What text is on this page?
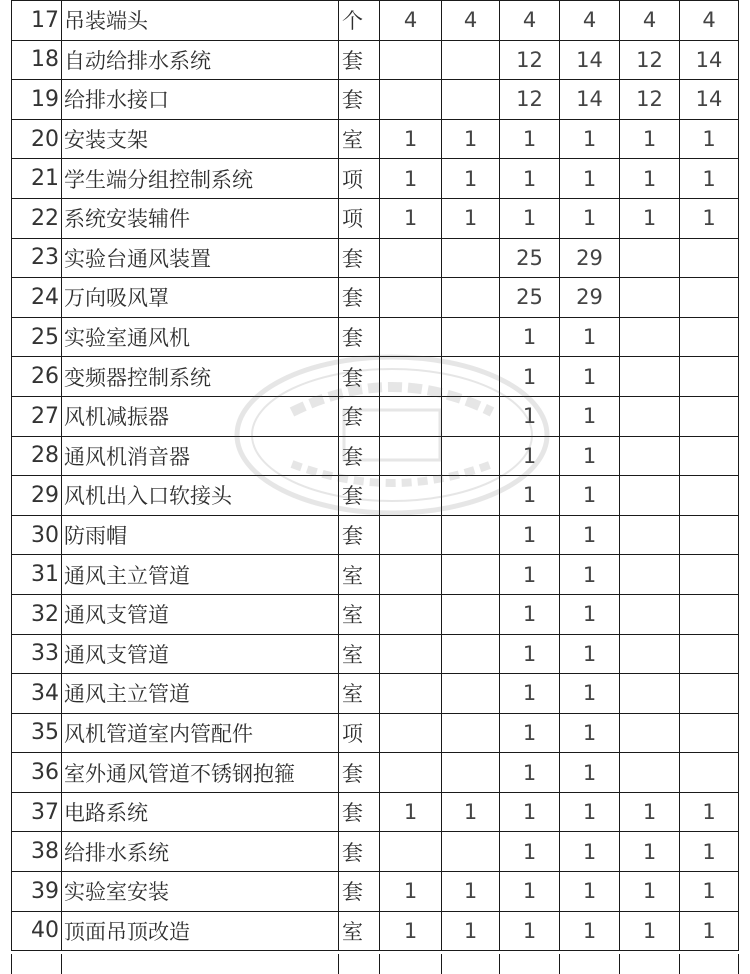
17	吊装端头	个	4	4	4	4	4	4
18	自动给排水系统	套			12	14	12	14
19	给排水接口	套			12	14	12	14
20	安装支架	室	1	1	1	1	1	1
21	学生端分组控制系统	项	1	1	1	1	1	1
22	系统安装辅件	项	1	1	1	1	1	1
23	实验台通风装置	套			25	29		
24	万向吸风罩	套			25	29		
25	实验室通风机	套			1	1		
26	变频器控制系统	套			1	1		
27	风机减振器	套			1	1		
28	通风机消音器	套			1	1		
29	风机出入口软接头	套			1	1		
30	防雨帽	套			1	1		
31	通风主立管道	室			1	1		
32	通风支管道	室			1	1		
33	通风支管道	室			1	1		
34	通风主立管道	室			1	1		
35	风机管道室内管配件	项			1	1		
36	室外通风管道不锈钢抱箍	套			1	1		
37	电路系统	套	1	1	1	1	1	1
38	给排水系统	套			1	1	1	1
39	实验室安装	套	1	1	1	1	1	1
40	顶面吊顶改造	室	1	1	1	1	1	1
